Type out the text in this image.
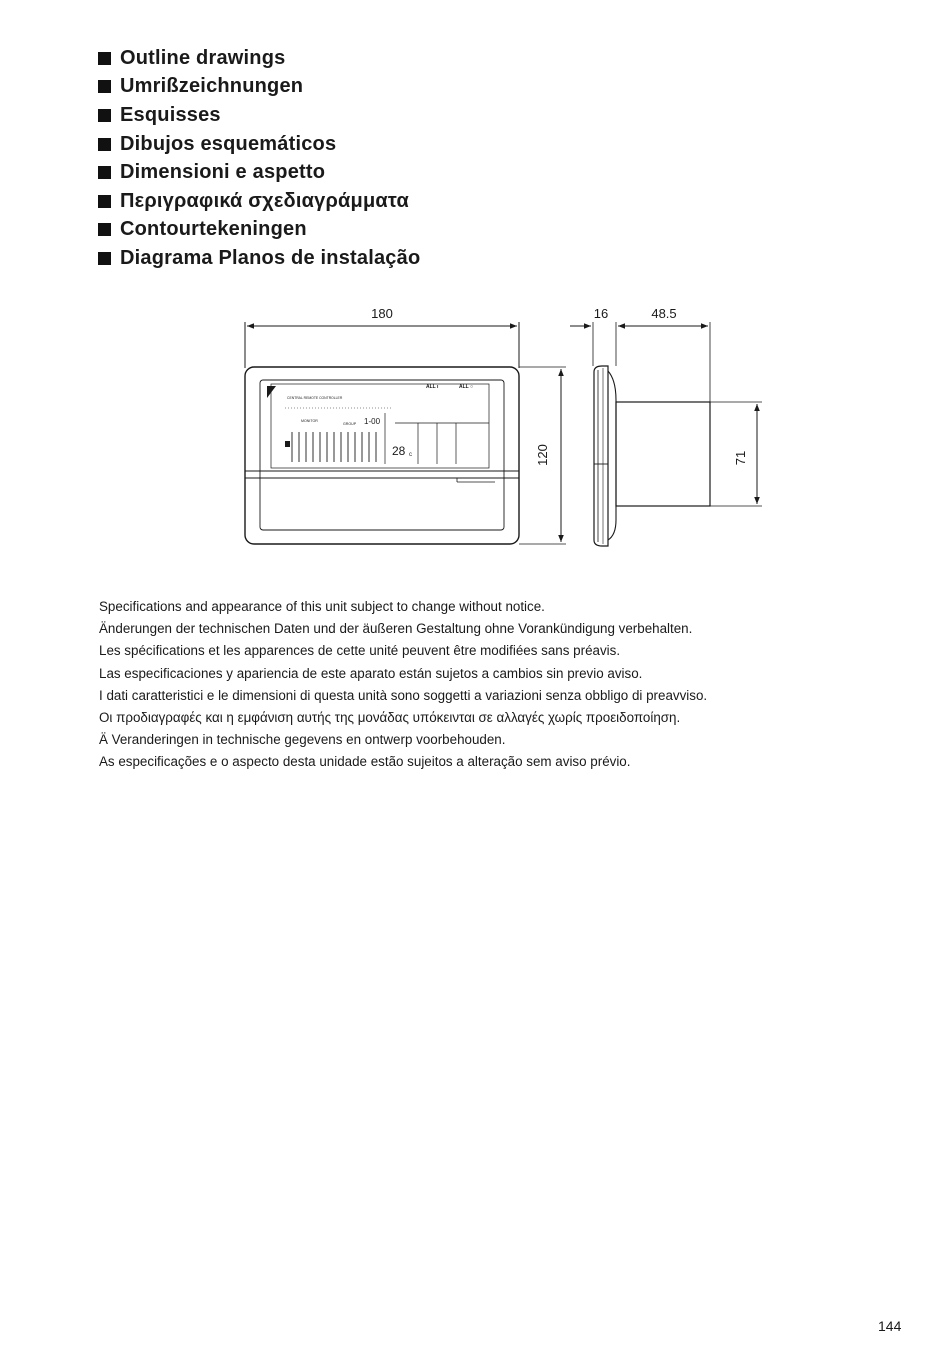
Outline drawings
Umrißzeichnungen
Esquisses
Dibujos esquemáticos
Dimensioni e aspetto
Περιγραφικά σχεδιαγράμματα
Contourtekeningen
Diagrama Planos de instalação
180
CENTRAL REMOTE CONTROLLER
ALL ı	ALL ○
MONITOR
GROUP 1-00
28 c	120
16	48.5
71

Specifications and appearance of this unit subject to change without notice.

Änderungen der technischen Daten und der äußeren Gestaltung ohne Vorankündigung verbehalten.

Les spécifications et les apparences de cette unité peuvent être modifiées sans préavis.

Las especificaciones y apariencia de este aparato están sujetos a cambios sin previo aviso.

I dati caratteristici e le dimensioni di questa unità sono soggetti a variazioni senza obbligo di preavviso.

Οι προδιαγραφές και η εμφάνιση αυτής της μονάδας υπόκεινται σε αλλαγές χωρίς προειδοποίηση.

Ä Veranderingen in technische gegevens en ontwerp voorbehouden.

As especificações e o aspecto desta unidade estão sujeitos a alteração sem aviso prévio.

144
